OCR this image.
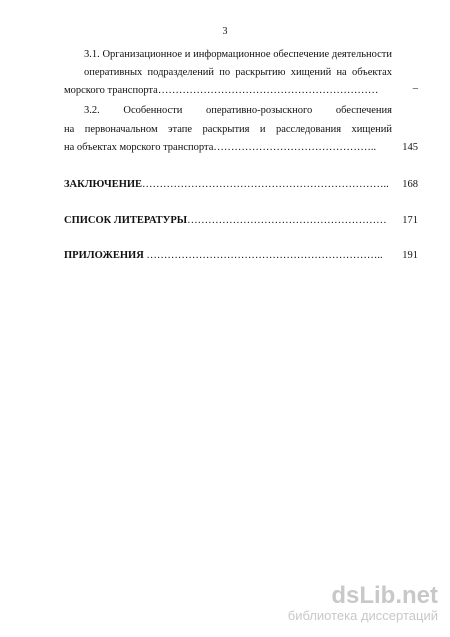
3
3.1. Организационное и информационное обеспечение деятельности
оперативных подразделений по раскрытию хищений на объектах
морского транспорта………………………………………………………	–
3.2. Особенности оперативно-розыскного обеспечения
на первоначальном этапе раскрытия и расследования хищений
на объектах морского транспорта………………………………………..	145
ЗАКЛЮЧЕНИЕ……………………………………………………………..	168
СПИСОК ЛИТЕРАТУРЫ…………………………………………………	171
ПРИЛОЖЕНИЯ …………………………………………………………..	191
dsLib.net
библиотека диссертаций
